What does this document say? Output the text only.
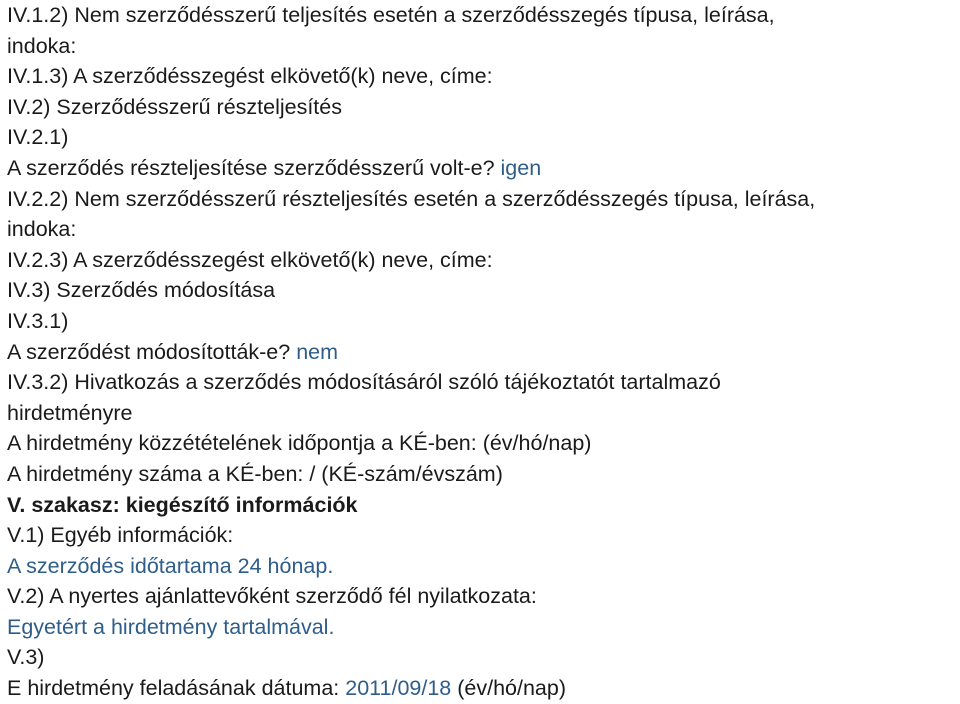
IV.1.2) Nem szerződésszerű teljesítés esetén a szerződésszegés típusa, leírása,
indoka:
IV.1.3) A szerződésszegést elkövető(k) neve, címe:
IV.2) Szerződésszerű részteljesítés
IV.2.1)
A szerződés részteljesítése szerződésszerű volt-e? igen
IV.2.2) Nem szerződésszerű részteljesítés esetén a szerződésszegés típusa, leírása,
indoka:
IV.2.3) A szerződésszegést elkövető(k) neve, címe:
IV.3) Szerződés módosítása
IV.3.1)
A szerződést módosították-e? nem
IV.3.2) Hivatkozás a szerződés módosításáról szóló tájékoztatót tartalmazó
hirdetményre
A hirdetmény közzétételének időpontja a KÉ-ben: (év/hó/nap)
A hirdetmény száma a KÉ-ben: / (KÉ-szám/évszám)
V. szakasz: kiegészítő információk
V.1) Egyéb információk:
A szerződés időtartama 24 hónap.
V.2) A nyertes ajánlattevőként szerződő fél nyilatkozata:
Egyetért a hirdetmény tartalmával.
V.3)
E hirdetmény feladásának dátuma: 2011/09/18 (év/hó/nap)
